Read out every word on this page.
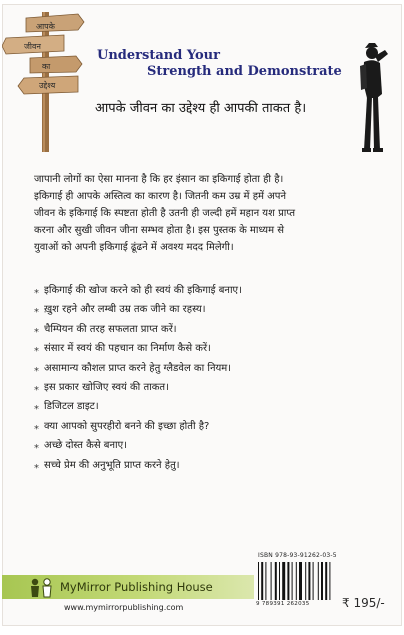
आपके
जीवन
का
उद्देश्य
Understand Your
Strength and Demonstrate
आपके जीवन का उद्देश्य ही आपकी ताकत है।
जापानी लोगों का ऐसा मानना है कि हर इंसान का इकिगाई होता ही है।
इकिगाई ही आपके अस्तित्व का कारण है। जितनी कम उम्र में हमें अपने
जीवन के इकिगाई कि स्पष्टता होती है उतनी ही जल्दी हमें महान यश प्राप्त
करना और सुखी जीवन जीना सम्भव होता है। इस पुस्तक के माध्यम से
युवाओं को अपनी इकिगाई ढूंढने में अवश्य मदद मिलेगी।
⁎ इकिगाई की खोज करने को ही स्वयं की इकिगाई बनाए।
⁎ ख़ुश रहने और लम्बी उम्र तक जीने का रहस्य।
⁎ चैम्पियन की तरह सफलता प्राप्त करें।
⁎ संसार में स्वयं की पहचान का निर्माण कैसे करें।
⁎ असामान्य कौशल प्राप्त करने हेतु ग्लैडवेल का नियम।
⁎ इस प्रकार खोजिए स्वयं की ताकत।
⁎ डिजिटल डाइट।
⁎ क्या आपको सुपरहीरो बनने की इच्छा होती है?
⁎ अच्छे दोस्त कैसे बनाए।
⁎ सच्चे प्रेम की अनुभूति प्राप्त करने हेतु।
MyMirror Publishing House
www.mymirrorpublishing.com
ISBN 978-93-91262-03-5
9 789391 262035	₹ 195/-
